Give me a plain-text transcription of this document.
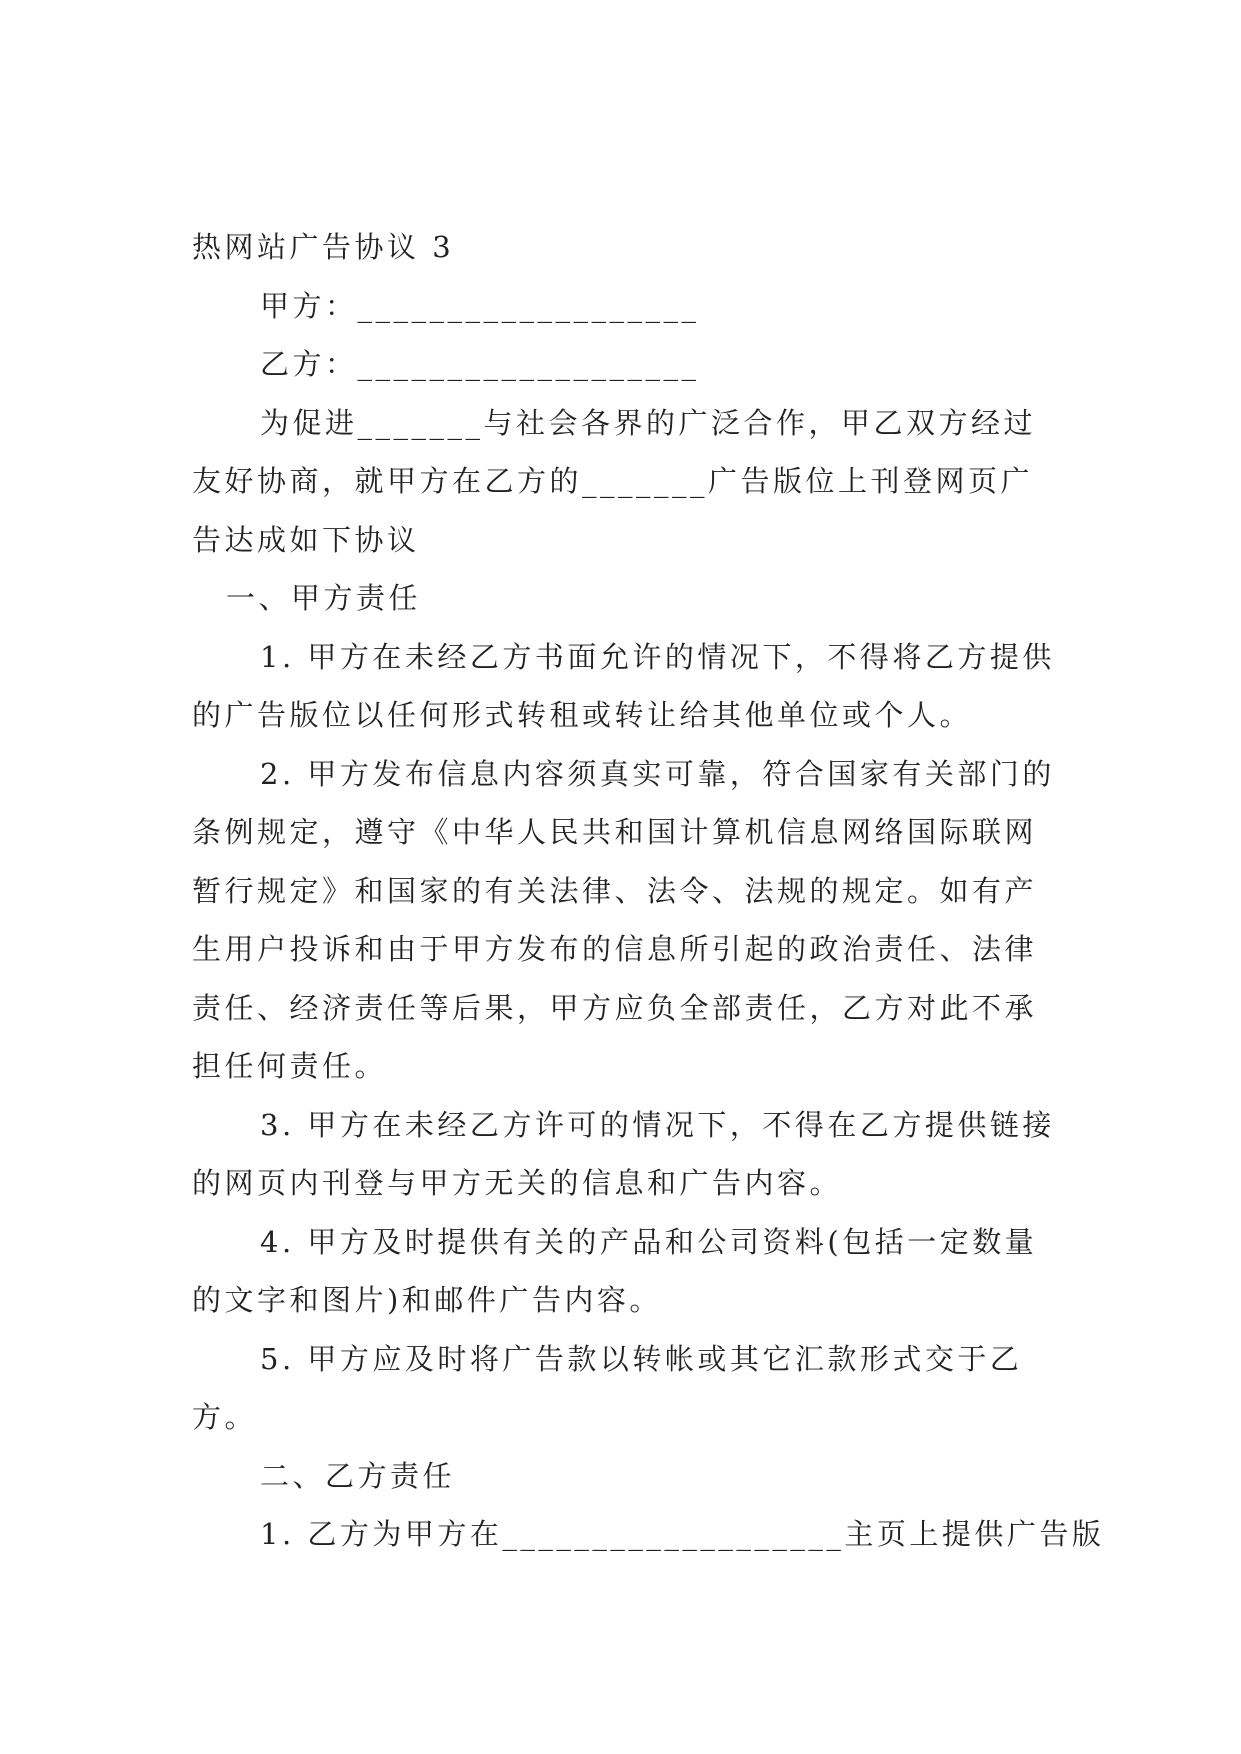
热网站广告协议 3
甲方：___________________
乙方：___________________
为促进_______与社会各界的广泛合作，甲乙双方经过
友好协商，就甲方在乙方的_______广告版位上刊登网页广
告达成如下协议
一、甲方责任
1. 甲方在未经乙方书面允许的情况下，不得将乙方提供
的广告版位以任何形式转租或转让给其他单位或个人。
2. 甲方发布信息内容须真实可靠，符合国家有关部门的
条例规定，遵守《中华人民共和国计算机信息网络国际联网
暂行规定》和国家的有关法律、法令、法规的规定。如有产
生用户投诉和由于甲方发布的信息所引起的政治责任、法律
责任、经济责任等后果，甲方应负全部责任，乙方对此不承
担任何责任。
3. 甲方在未经乙方许可的情况下，不得在乙方提供链接
的网页内刊登与甲方无关的信息和广告内容。
4. 甲方及时提供有关的产品和公司资料(包括一定数量
的文字和图片)和邮件广告内容。
5. 甲方应及时将广告款以转帐或其它汇款形式交于乙
方。
二、乙方责任
1. 乙方为甲方在___________________主页上提供广告版
